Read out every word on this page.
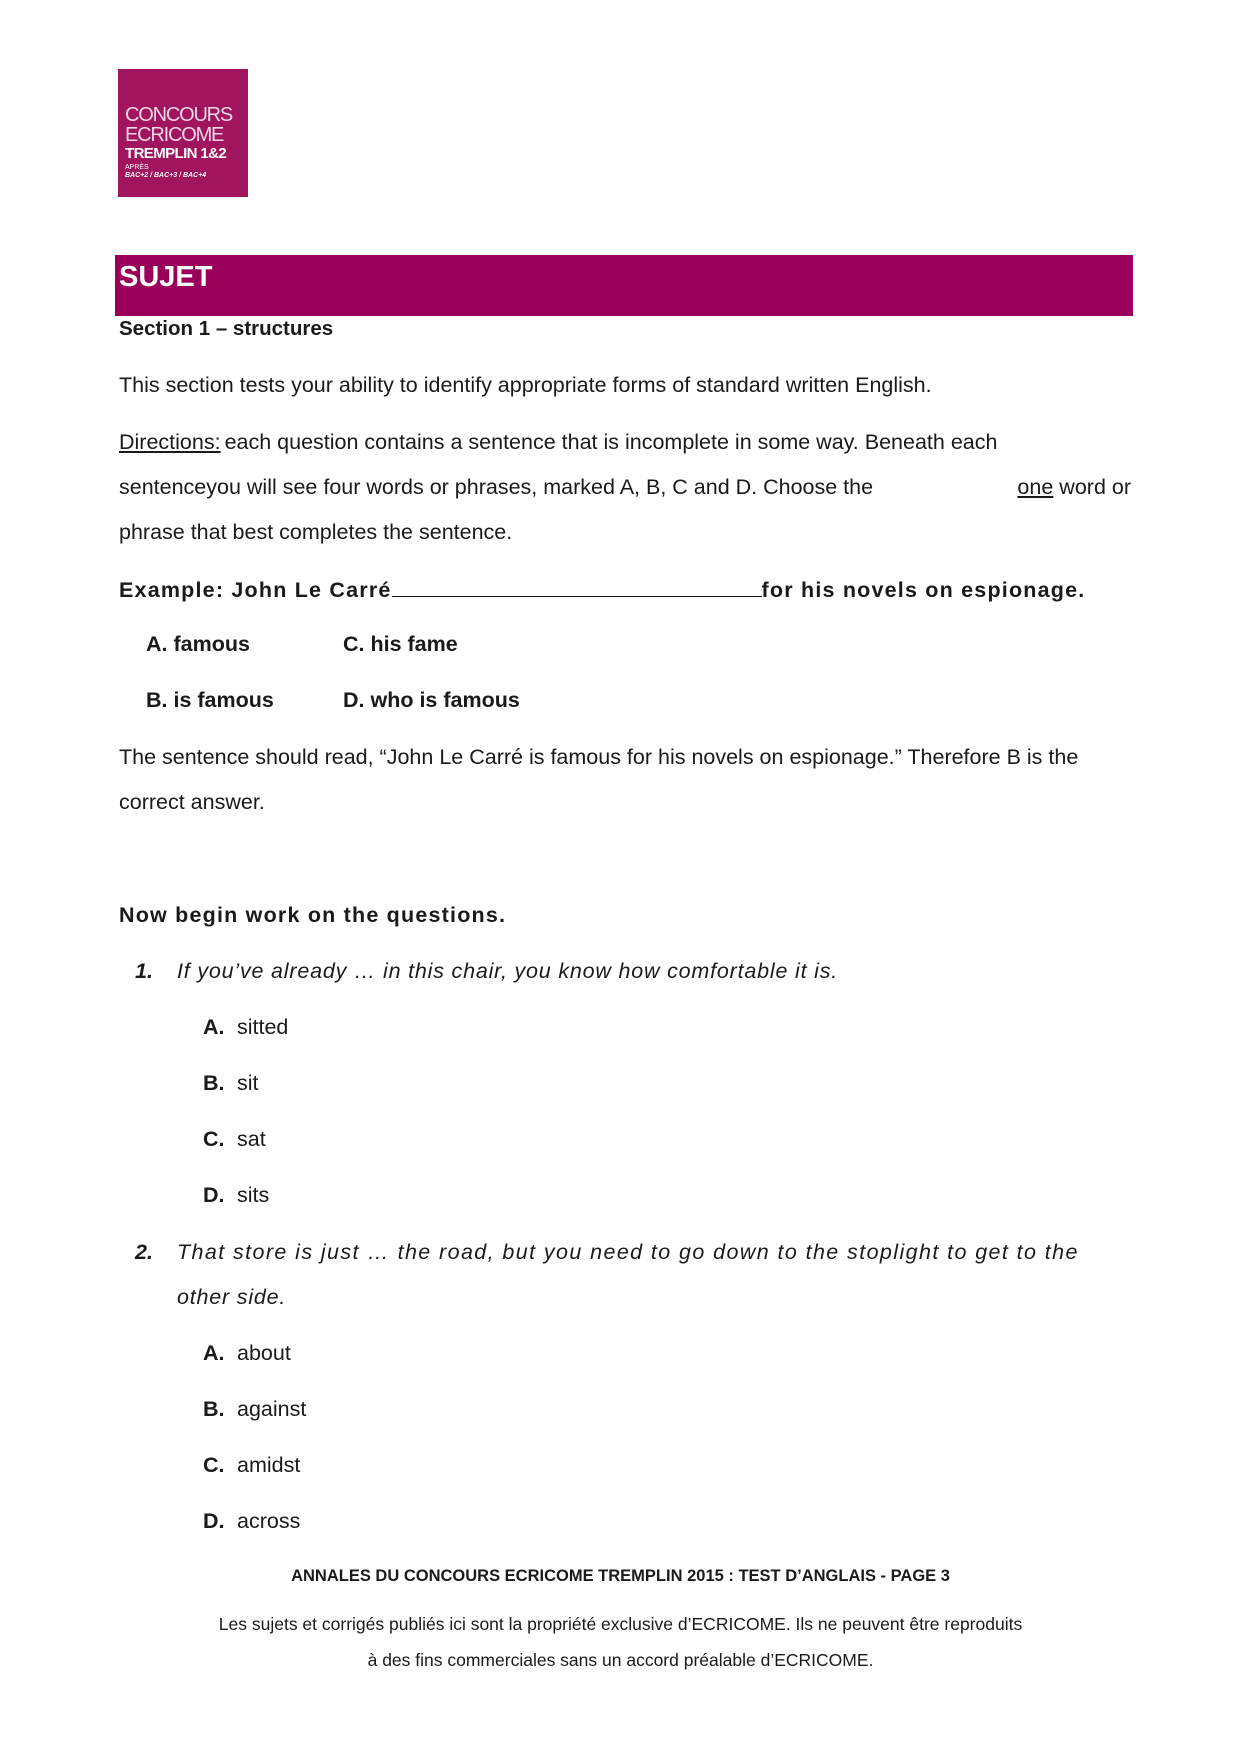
CONCOURS
ECRICOME
TREMPLIN 1&2
APRÈS
BAC+2 / BAC+3 / BAC+4
SUJET
Section 1 – structures
This section tests your ability to identify appropriate forms of standard written English.
Directions: each question contains a sentence that is incomplete in some way. Beneath each
sentenceyou will see four words or phrases, marked A, B, C and D. Choose the	one word or
phrase that best completes the sentence.
Example: John Le Carré	for his novels on espionage.
A. famous	C. his fame
B. is famous	D. who is famous
The sentence should read, “John Le Carré is famous for his novels on espionage.” Therefore B is the
correct answer.
Now begin work on the questions.
1. If you’ve already … in this chair, you know how comfortable it is.
A. sitted
B. sit
C. sat
D. sits
2. That store is just … the road, but you need to go down to the stoplight to get to the
other side.
A. about
B. against
C. amidst
D. across
ANNALES DU CONCOURS ECRICOME TREMPLIN 2015 : TEST D’ANGLAIS - PAGE 3
Les sujets et corrigés publiés ici sont la propriété exclusive d’ECRICOME. Ils ne peuvent être reproduits
à des fins commerciales sans un accord préalable d’ECRICOME.
